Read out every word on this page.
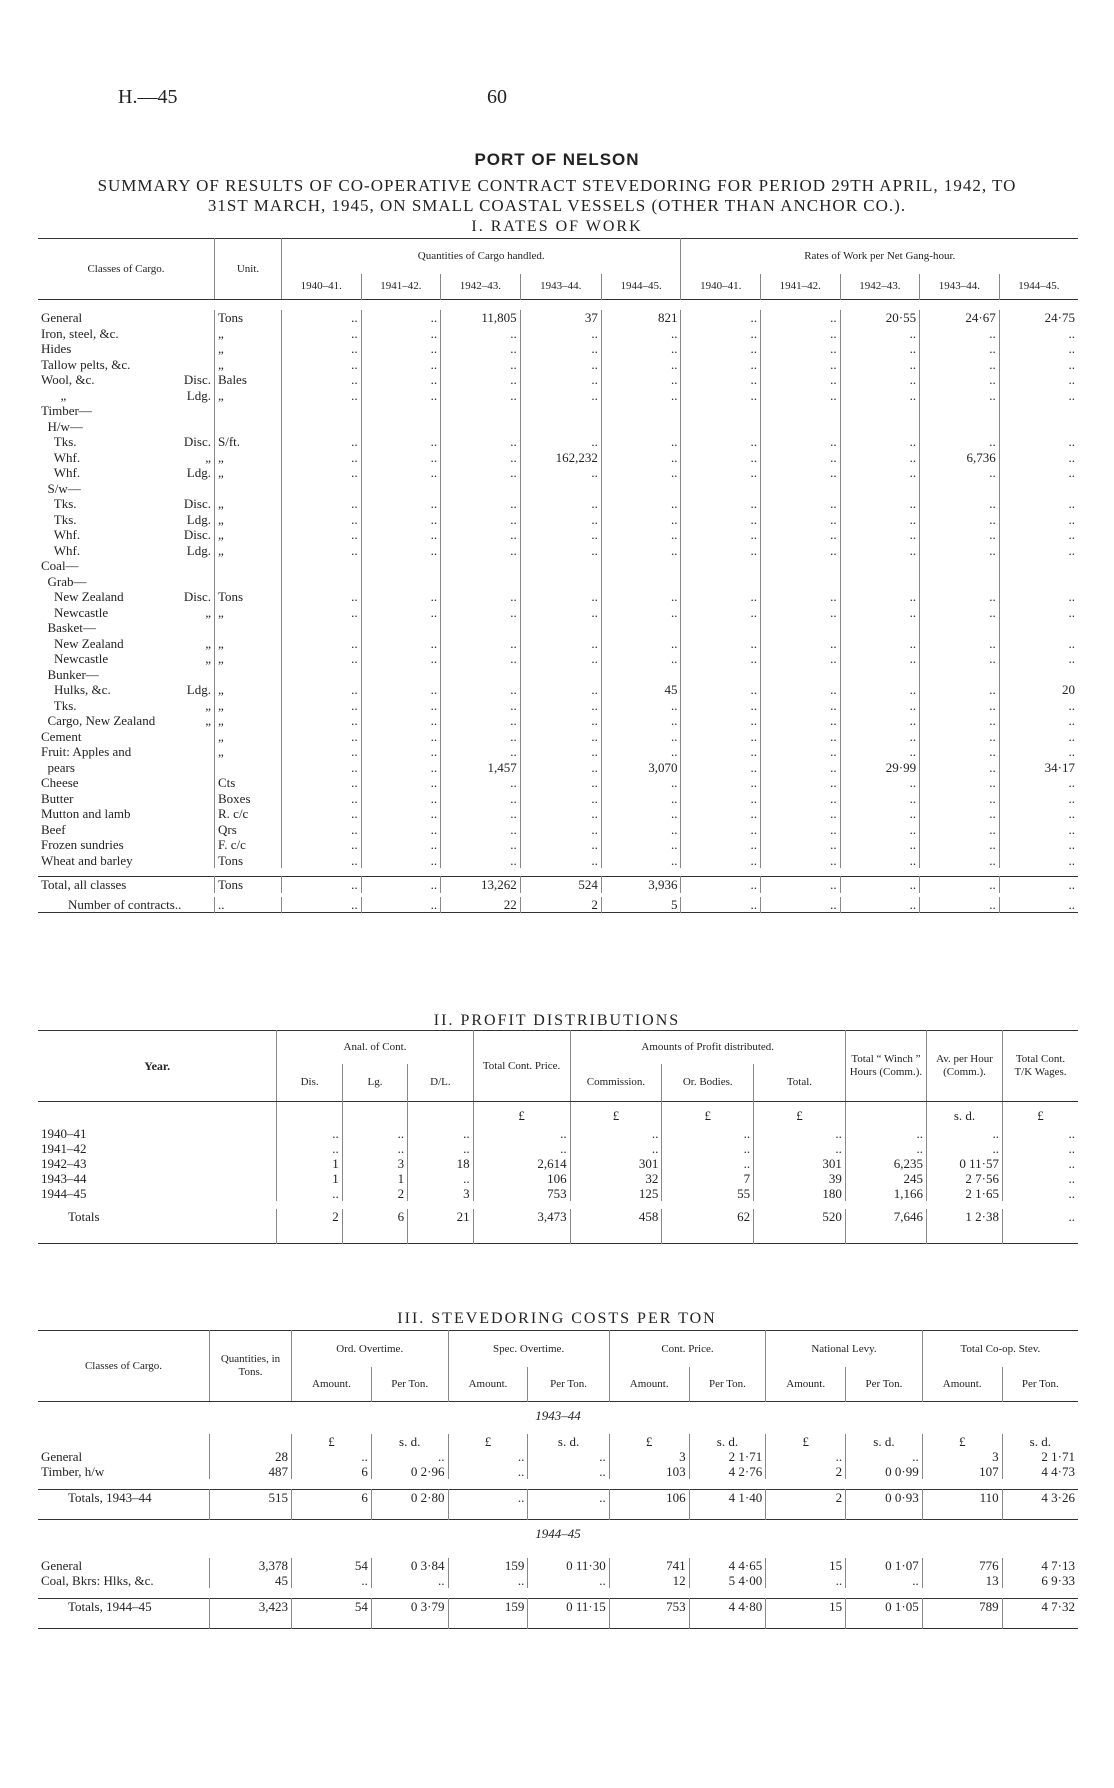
H.—45	60
PORT OF NELSON
SUMMARY OF RESULTS OF CO-OPERATIVE CONTRACT STEVEDORING FOR PERIOD 29TH APRIL, 1942, TO
31ST MARCH, 1945, ON SMALL COASTAL VESSELS (OTHER THAN ANCHOR CO.).
I. RATES OF WORK
Classes of Cargo.	Unit.	Quantities of Cargo handled.					Rates of Work per Net Gang-hour.				
		1940–41.	1941–42.	1942–43.	1943–44.	1944–45.	1940–41.	1941–42.	1942–43.	1943–44.	1944–45.

General	Tons	..	..	11,805	37	821	..	..	20·55	24·67	24·75
Iron, steel, &c.	„	..	..	..	..	..	..	..	..	..	..
Hides	„	..	..	..	..	..	..	..	..	..	..
Tallow pelts, &c.	„	..	..	..	..	..	..	..	..	..	..
Wool, &c. Disc.	Bales	..	..	..	..	..	..	..	..	..	..
„ Ldg.	„	..	..	..	..	..	..	..	..	..	..
Timber—											
H/w—											
Tks. Disc.	S/ft.	..	..	..	..	..	..	..	..	..	..
Whf. „	„	..	..	..	162,232	..	..	..	..	6,736	..
Whf. Ldg.	„	..	..	..	..	..	..	..	..	..	..
S/w—											
Tks. Disc.	„	..	..	..	..	..	..	..	..	..	..
Tks. Ldg.	„	..	..	..	..	..	..	..	..	..	..
Whf. Disc.	„	..	..	..	..	..	..	..	..	..	..
Whf. Ldg.	„	..	..	..	..	..	..	..	..	..	..
Coal—											
Grab—											
New Zealand Disc.	Tons	..	..	..	..	..	..	..	..	..	..
Newcastle „	„	..	..	..	..	..	..	..	..	..	..
Basket—											
New Zealand „	„	..	..	..	..	..	..	..	..	..	..
Newcastle „	„	..	..	..	..	..	..	..	..	..	..
Bunker—											
Hulks, &c. Ldg.	„	..	..	..	..	45	..	..	..	..	20
Tks. „	„	..	..	..	..	..	..	..	..	..	..
Cargo, New Zealand „	„	..	..	..	..	..	..	..	..	..	..
Cement	„	..	..	..	..	..	..	..	..	..	..
Fruit: Apples and	„	..	..	..	..	..	..	..	..	..	..
pears		..	..	1,457	..	3,070	..	..	29·99	..	34·17
Cheese	Cts	..	..	..	..	..	..	..	..	..	..
Butter	Boxes	..	..	..	..	..	..	..	..	..	..
Mutton and lamb	R. c/c	..	..	..	..	..	..	..	..	..	..
Beef	Qrs	..	..	..	..	..	..	..	..	..	..
Frozen sundries	F. c/c	..	..	..	..	..	..	..	..	..	..
Wheat and barley	Tons	..	..	..	..	..	..	..	..	..	..

Total, all classes	Tons	..	..	13,262	524	3,936	..	..	..	..	..

Number of contracts..	..	..	..	22	2	5	..	..	..	..	..
II. PROFIT DISTRIBUTIONS
Year.	Anal. of Cont.			Total Cont. Price.	Amounts of Profit distributed.			Total “ Winch ” Hours (Comm.).	Av. per Hour (Comm.).	Total Cont. T/K Wages.
	Dis.	Lg.	D/L.		Commission.	Or. Bodies.	Total.			
				£	£	£	£		s. d.	£
1940–41	..	..	..	..	..	..	..	..	..	..
1941–42	..	..	..	..	..	..	..	..	..	..
1942–43	1	3	18	2,614	301	..	301	6,235	0 11·57	..
1943–44	1	1	..	106	32	7	39	245	2 7·56	..
1944–45	..	2	3	753	125	55	180	1,166	2 1·65	..

Totals	2	6	21	3,473	458	62	520	7,646	1 2·38	..
III. STEVEDORING COSTS PER TON
Classes of Cargo.	Quantities, in Tons.	Ord. Overtime.		Spec. Overtime.		Cont. Price.		National Levy.		Total Co-op. Stev.	
		Amount.	Per Ton.	Amount.	Per Ton.	Amount.	Per Ton.	Amount.	Per Ton.	Amount.	Per Ton.
1943–44											
		£	s. d.	£	s. d.	£	s. d.	£	s. d.	£	s. d.
General	28	..	..	..	..	3	2 1·71	..	..	3	2 1·71
Timber, h/w	487	6	0 2·96	..	..	103	4 2·76	2	0 0·99	107	4 4·73

Totals, 1943–44	515	6	0 2·80	..	..	106	4 1·40	2	0 0·93	110	4 3·26
1944–45											

General	3,378	54	0 3·84	159	0 11·30	741	4 4·65	15	0 1·07	776	4 7·13
Coal, Bkrs: Hlks, &c.	45	..	..	..	..	12	5 4·00	..	..	13	6 9·33

Totals, 1944–45	3,423	54	0 3·79	159	0 11·15	753	4 4·80	15	0 1·05	789	4 7·32
